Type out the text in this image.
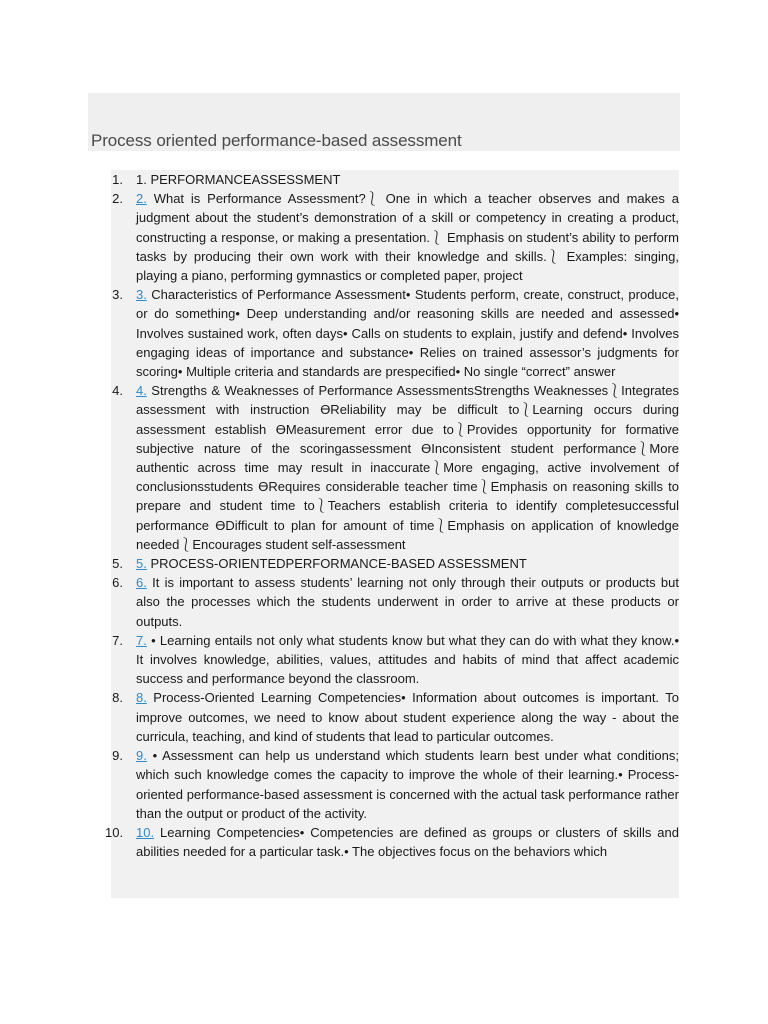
Process oriented performance-based assessment
1. 1. PERFORMANCEASSESSMENT
2. 2. What is Performance Assessment?⎱ One in which a teacher observes and makes a judgment about the student’s demonstration of a skill or competency in creating a product, constructing a response, or making a presentation.⎱ Emphasis on student’s ability to perform tasks by producing their own work with their knowledge and skills.⎱ Examples: singing, playing a piano, performing gymnastics or completed paper, project
3. 3. Characteristics of Performance Assessment• Students perform, create, construct, produce, or do something• Deep understanding and/or reasoning skills are needed and assessed• Involves sustained work, often days• Calls on students to explain, justify and defend• Involves engaging ideas of importance and substance• Relies on trained assessor’s judgments for scoring• Multiple criteria and standards are prespecified• No single “correct” answer
4. 4. Strengths & Weaknesses of Performance AssessmentsStrengths Weaknesses⎱Integrates assessment with instruction ϴReliability may be difficult to⎱Learning occurs during assessment establish ϴMeasurement error due to⎱Provides opportunity for formative subjective nature of the scoringassessment ϴInconsistent student performance⎱More authentic across time may result in inaccurate⎱More engaging, active involvement of conclusionsstudents ϴRequires considerable teacher time⎱Emphasis on reasoning skills to prepare and student time to⎱Teachers establish criteria to identify completesuccessful performance ϴDifficult to plan for amount of time⎱Emphasis on application of knowledge needed⎱Encourages student self-assessment
5. 5. PROCESS-ORIENTEDPERFORMANCE-BASED ASSESSMENT
6. 6. It is important to assess students’ learning not only through their outputs or products but also the processes which the students underwent in order to arrive at these products or outputs.
7. 7. • Learning entails not only what students know but what they can do with what they know.• It involves knowledge, abilities, values, attitudes and habits of mind that affect academic success and performance beyond the classroom.
8. 8. Process-Oriented Learning Competencies• Information about outcomes is important. To improve outcomes, we need to know about student experience along the way - about the curricula, teaching, and kind of students that lead to particular outcomes.
9. 9. • Assessment can help us understand which students learn best under what conditions; which such knowledge comes the capacity to improve the whole of their learning.• Process-oriented performance-based assessment is concerned with the actual task performance rather than the output or product of the activity.
10. 10. Learning Competencies• Competencies are defined as groups or clusters of skills and abilities needed for a particular task.• The objectives focus on the behaviors which
